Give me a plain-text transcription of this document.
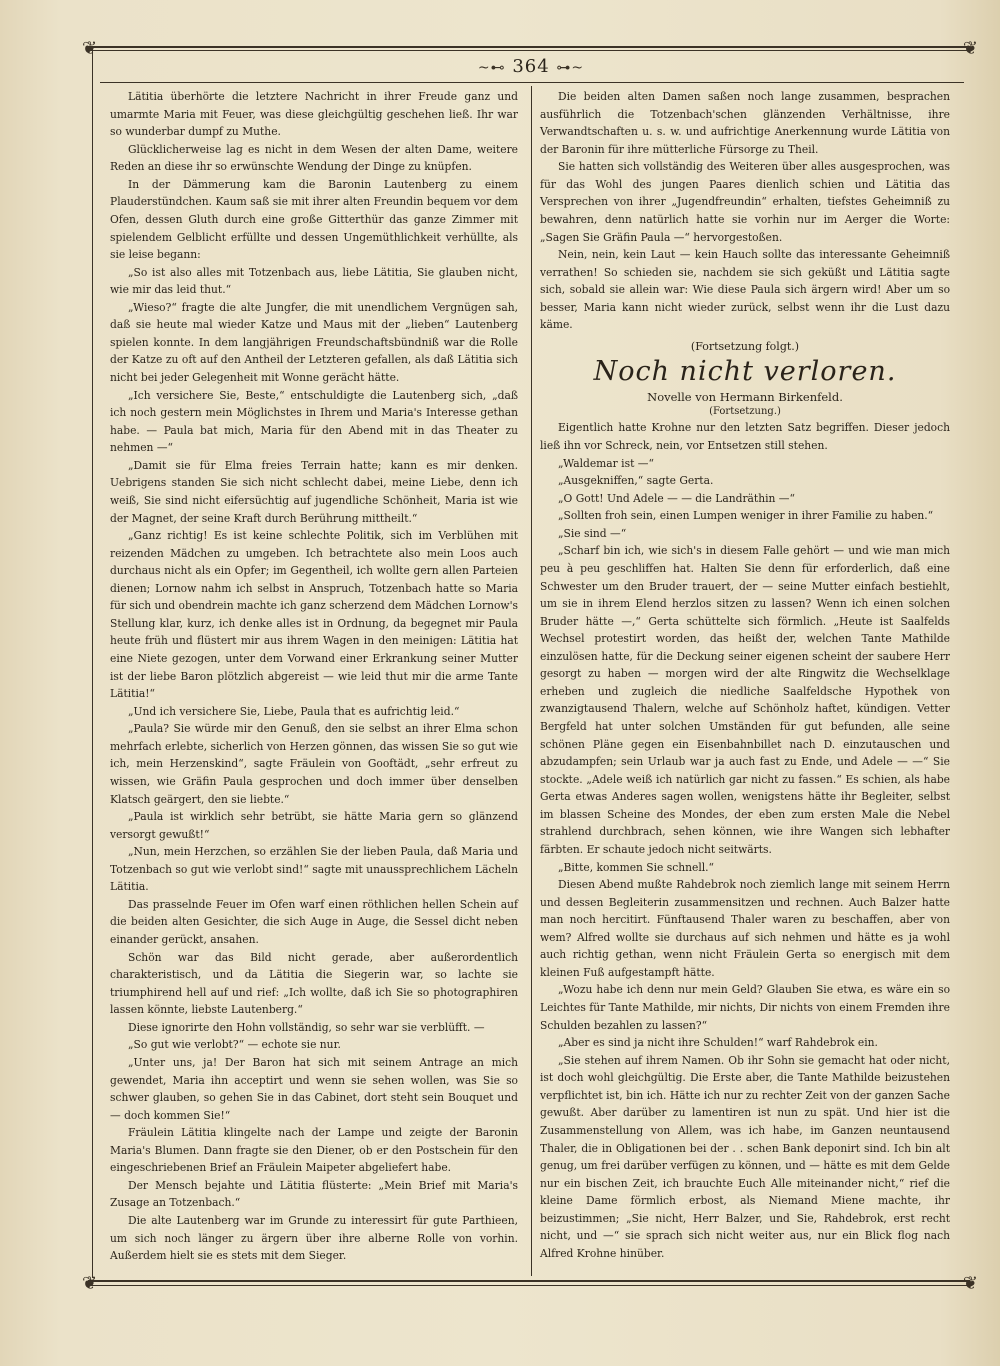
❦	❦
❦	❦
~⊷ 364 ⊶~

Lätitia überhörte die letztere Nachricht in ihrer Freude ganz und umarmte Maria mit Feuer, was diese gleichgültig geschehen ließ. Ihr war so wunderbar dumpf zu Muthe.

Glücklicherweise lag es nicht in dem Wesen der alten Dame, weitere Reden an diese ihr so erwünschte Wendung der Dinge zu knüpfen.

In der Dämmerung kam die Baronin Lautenberg zu einem Plauderstündchen. Kaum saß sie mit ihrer alten Freundin bequem vor dem Ofen, dessen Gluth durch eine große Gitterthür das ganze Zimmer mit spielendem Gelblicht erfüllte und dessen Ungemüthlichkeit verhüllte, als sie leise begann:

„So ist also alles mit Totzenbach aus, liebe Lätitia, Sie glauben nicht, wie mir das leid thut.“

„Wieso?“ fragte die alte Jungfer, die mit unendlichem Vergnügen sah, daß sie heute mal wieder Katze und Maus mit der „lieben“ Lautenberg spielen konnte. In dem langjährigen Freundschaftsbündniß war die Rolle der Katze zu oft auf den Antheil der Letzteren gefallen, als daß Lätitia sich nicht bei jeder Gelegenheit mit Wonne gerächt hätte.

„Ich versichere Sie, Beste,“ entschuldigte die Lautenberg sich, „daß ich noch gestern mein Möglichstes in Ihrem und Maria's Interesse gethan habe. — Paula bat mich, Maria für den Abend mit in das Theater zu nehmen —“

„Damit sie für Elma freies Terrain hatte; kann es mir denken. Uebrigens standen Sie sich nicht schlecht dabei, meine Liebe, denn ich weiß, Sie sind nicht eifersüchtig auf jugendliche Schönheit, Maria ist wie der Magnet, der seine Kraft durch Berührung mittheilt.“

„Ganz richtig! Es ist keine schlechte Politik, sich im Verblühen mit reizenden Mädchen zu umgeben. Ich betrachtete also mein Loos auch durchaus nicht als ein Opfer; im Gegentheil, ich wollte gern allen Parteien dienen; Lornow nahm ich selbst in Anspruch, Totzenbach hatte so Maria für sich und obendrein machte ich ganz scherzend dem Mädchen Lornow's Stellung klar, kurz, ich denke alles ist in Ordnung, da begegnet mir Paula heute früh und flüstert mir aus ihrem Wagen in den meinigen: Lätitia hat eine Niete gezogen, unter dem Vorwand einer Erkrankung seiner Mutter ist der liebe Baron plötzlich abgereist — wie leid thut mir die arme Tante Lätitia!“

„Und ich versichere Sie, Liebe, Paula that es aufrichtig leid.“

„Paula? Sie würde mir den Genuß, den sie selbst an ihrer Elma schon mehrfach erlebte, sicherlich von Herzen gönnen, das wissen Sie so gut wie ich, mein Herzenskind“, sagte Fräulein von Gooftädt, „sehr erfreut zu wissen, wie Gräfin Paula gesprochen und doch immer über denselben Klatsch geärgert, den sie liebte.“

„Paula ist wirklich sehr betrübt, sie hätte Maria gern so glänzend versorgt gewußt!“

„Nun, mein Herzchen, so erzählen Sie der lieben Paula, daß Maria und Totzenbach so gut wie verlobt sind!“ sagte mit unaussprechlichem Lächeln Lätitia.

Das prasselnde Feuer im Ofen warf einen röthlichen hellen Schein auf die beiden alten Gesichter, die sich Auge in Auge, die Sessel dicht neben einander gerückt, ansahen.

Schön war das Bild nicht gerade, aber außerordentlich charakteristisch, und da Lätitia die Siegerin war, so lachte sie triumphirend hell auf und rief: „Ich wollte, daß ich Sie so photographiren lassen könnte, liebste Lautenberg.“

Diese ignorirte den Hohn vollständig, so sehr war sie verblüfft. —

„So gut wie verlobt?“ — echote sie nur.

„Unter uns, ja! Der Baron hat sich mit seinem Antrage an mich gewendet, Maria ihn acceptirt und wenn sie sehen wollen, was Sie so schwer glauben, so gehen Sie in das Cabinet, dort steht sein Bouquet und — doch kommen Sie!“

Fräulein Lätitia klingelte nach der Lampe und zeigte der Baronin Maria's Blumen. Dann fragte sie den Diener, ob er den Postschein für den eingeschriebenen Brief an Fräulein Maipeter abgeliefert habe.

Der Mensch bejahte und Lätitia flüsterte: „Mein Brief mit Maria's Zusage an Totzenbach.“

Die alte Lautenberg war im Grunde zu interessirt für gute Parthieen, um sich noch länger zu ärgern über ihre alberne Rolle von vorhin. Außerdem hielt sie es stets mit dem Sieger.

Die beiden alten Damen saßen noch lange zusammen, besprachen ausführlich die Totzenbach'schen glänzenden Verhältnisse, ihre Verwandtschaften u. s. w. und aufrichtige Anerkennung wurde Lätitia von der Baronin für ihre mütterliche Fürsorge zu Theil.

Sie hatten sich vollständig des Weiteren über alles ausgesprochen, was für das Wohl des jungen Paares dienlich schien und Lätitia das Versprechen von ihrer „Jugendfreundin“ erhalten, tiefstes Geheimniß zu bewahren, denn natürlich hatte sie vorhin nur im Aerger die Worte: „Sagen Sie Gräfin Paula —“ hervorgestoßen.

Nein, nein, kein Laut — kein Hauch sollte das interessante Geheimniß verrathen! So schieden sie, nachdem sie sich geküßt und Lätitia sagte sich, sobald sie allein war: Wie diese Paula sich ärgern wird! Aber um so besser, Maria kann nicht wieder zurück, selbst wenn ihr die Lust dazu käme.

(Fortsetzung folgt.)

Noch nicht verloren.

Novelle von Hermann Birkenfeld.

(Fortsetzung.)

Eigentlich hatte Krohne nur den letzten Satz begriffen. Dieser jedoch ließ ihn vor Schreck, nein, vor Entsetzen still stehen.

„Waldemar ist —“

„Ausgekniffen,“ sagte Gerta.

„O Gott! Und Adele — — die Landräthin —“

„Sollten froh sein, einen Lumpen weniger in ihrer Familie zu haben.“

„Sie sind —“

„Scharf bin ich, wie sich's in diesem Falle gehört — und wie man mich peu à peu geschliffen hat. Halten Sie denn für erforderlich, daß eine Schwester um den Bruder trauert, der — seine Mutter einfach bestiehlt, um sie in ihrem Elend herzlos sitzen zu lassen? Wenn ich einen solchen Bruder hätte —,“ Gerta schüttelte sich förmlich. „Heute ist Saalfelds Wechsel protestirt worden, das heißt der, welchen Tante Mathilde einzulösen hatte, für die Deckung seiner eigenen scheint der saubere Herr gesorgt zu haben — morgen wird der alte Ringwitz die Wechselklage erheben und zugleich die niedliche Saalfeldsche Hypothek von zwanzigtausend Thalern, welche auf Schönholz haftet, kündigen. Vetter Bergfeld hat unter solchen Umständen für gut befunden, alle seine schönen Pläne gegen ein Eisenbahnbillet nach D. einzutauschen und abzudampfen; sein Urlaub war ja auch fast zu Ende, und Adele — —“ Sie stockte. „Adele weiß ich natürlich gar nicht zu fassen.“ Es schien, als habe Gerta etwas Anderes sagen wollen, wenigstens hätte ihr Begleiter, selbst im blassen Scheine des Mondes, der eben zum ersten Male die Nebel strahlend durchbrach, sehen können, wie ihre Wangen sich lebhafter färbten. Er schaute jedoch nicht seitwärts.

„Bitte, kommen Sie schnell.“

Diesen Abend mußte Rahdebrok noch ziemlich lange mit seinem Herrn und dessen Begleiterin zusammensitzen und rechnen. Auch Balzer hatte man noch hercitirt. Fünftausend Thaler waren zu beschaffen, aber von wem? Alfred wollte sie durchaus auf sich nehmen und hätte es ja wohl auch richtig gethan, wenn nicht Fräulein Gerta so energisch mit dem kleinen Fuß aufgestampft hätte.

„Wozu habe ich denn nur mein Geld? Glauben Sie etwa, es wäre ein so Leichtes für Tante Mathilde, mir nichts, Dir nichts von einem Fremden ihre Schulden bezahlen zu lassen?“

„Aber es sind ja nicht ihre Schulden!“ warf Rahdebrok ein.

„Sie stehen auf ihrem Namen. Ob ihr Sohn sie gemacht hat oder nicht, ist doch wohl gleichgültig. Die Erste aber, die Tante Mathilde beizustehen verpflichtet ist, bin ich. Hätte ich nur zu rechter Zeit von der ganzen Sache gewußt. Aber darüber zu lamentiren ist nun zu spät. Und hier ist die Zusammenstellung von Allem, was ich habe, im Ganzen neuntausend Thaler, die in Obligationen bei der . . schen Bank deponirt sind. Ich bin alt genug, um frei darüber verfügen zu können, und — hätte es mit dem Gelde nur ein bischen Zeit, ich brauchte Euch Alle miteinander nicht,“ rief die kleine Dame förmlich erbost, als Niemand Miene machte, ihr beizustimmen; „Sie nicht, Herr Balzer, und Sie, Rahdebrok, erst recht nicht, und —“ sie sprach sich nicht weiter aus, nur ein Blick flog nach Alfred Krohne hinüber.
